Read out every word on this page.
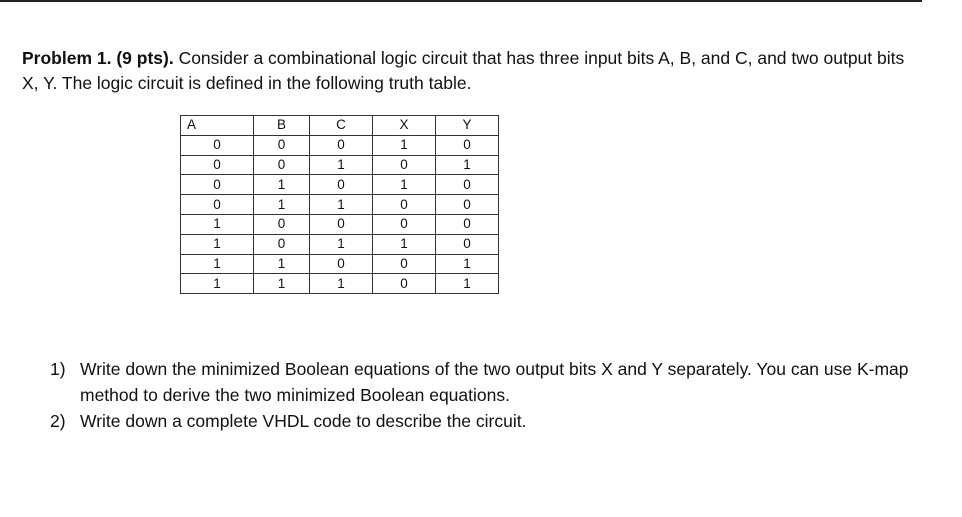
Problem 1. (9 pts). Consider a combinational logic circuit that has three input bits A, B, and C, and two output bits X, Y. The logic circuit is defined in the following truth table.

A	B	C	X	Y
0	0	0	1	0
0	0	1	0	1
0	1	0	1	0
0	1	1	0	0
1	0	0	0	0
1	0	1	1	0
1	1	0	0	1
1	1	1	0	1
1) Write down the minimized Boolean equations of the two output bits X and Y separately. You can use K-map method to derive the two minimized Boolean equations.
2) Write down a complete VHDL code to describe the circuit.
